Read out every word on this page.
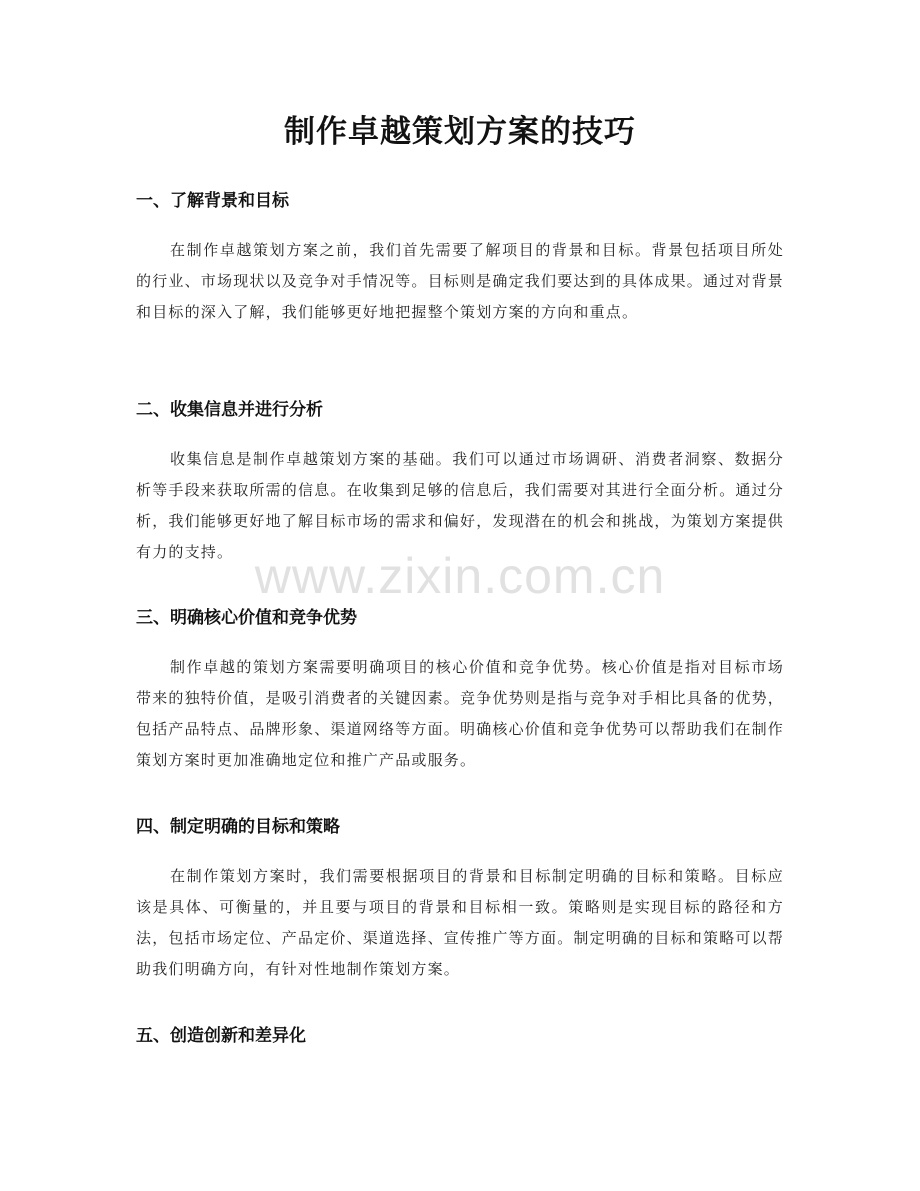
制作卓越策划方案的技巧
一、了解背景和目标

在制作卓越策划方案之前，我们首先需要了解项目的背景和目标。背景包括项目所处的行业、市场现状以及竞争对手情况等。目标则是确定我们要达到的具体成果。通过对背景和目标的深入了解，我们能够更好地把握整个策划方案的方向和重点。

二、收集信息并进行分析

收集信息是制作卓越策划方案的基础。我们可以通过市场调研、消费者洞察、数据分析等手段来获取所需的信息。在收集到足够的信息后，我们需要对其进行全面分析。通过分析，我们能够更好地了解目标市场的需求和偏好，发现潜在的机会和挑战，为策划方案提供有力的支持。

三、明确核心价值和竞争优势

制作卓越的策划方案需要明确项目的核心价值和竞争优势。核心价值是指对目标市场带来的独特价值，是吸引消费者的关键因素。竞争优势则是指与竞争对手相比具备的优势，包括产品特点、品牌形象、渠道网络等方面。明确核心价值和竞争优势可以帮助我们在制作策划方案时更加准确地定位和推广产品或服务。

四、制定明确的目标和策略

在制作策划方案时，我们需要根据项目的背景和目标制定明确的目标和策略。目标应该是具体、可衡量的，并且要与项目的背景和目标相一致。策略则是实现目标的路径和方法，包括市场定位、产品定价、渠道选择、宣传推广等方面。制定明确的目标和策略可以帮助我们明确方向，有针对性地制作策划方案。

五、创造创新和差异化
www.zixin.com.cn
